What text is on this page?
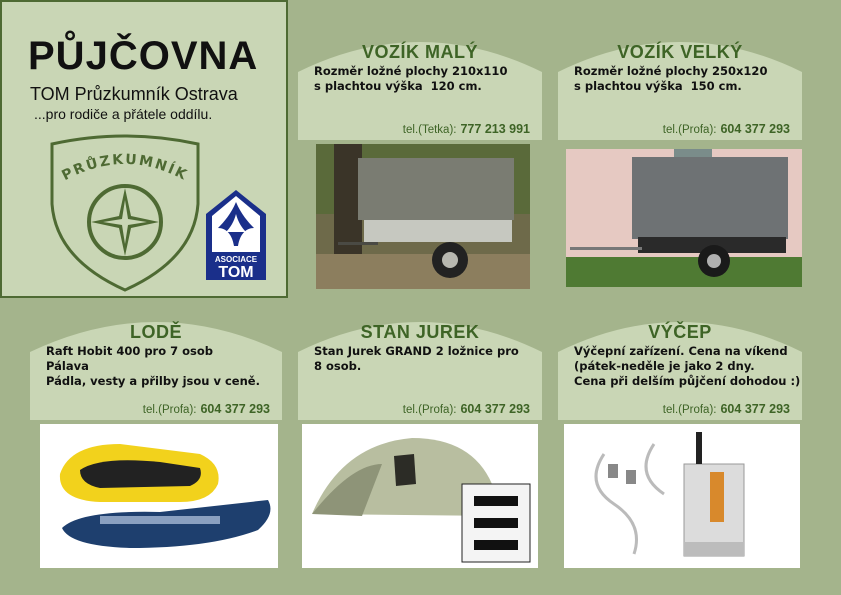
PŮJČOVNA
TOM Průzkumník Ostrava
...pro rodiče a přátele oddílu.
PRŮZKUMNÍK
ASOCIACE
TOM
VOZÍK MALÝ
Rozměr ložné plochy 210x110
s plachtou výška  120 cm.
tel.(Tetka): 777 213 991
VOZÍK VELKÝ
Rozměr ložné plochy 250x120
s plachtou výška  150 cm.
tel.(Profa): 604 377 293
LODĚ
Raft Hobit 400 pro 7 osob
Pálava
Pádla, vesty a přilby jsou v ceně.
tel.(Profa): 604 377 293
STAN JUREK
Stan Jurek GRAND 2 ložnice pro
8 osob.
tel.(Profa): 604 377 293
VÝČEP
Výčepní zařízení. Cena na víkend
(pátek-neděle je jako 2 dny.
Cena při delším půjčení dohodou :)
tel.(Profa): 604 377 293
